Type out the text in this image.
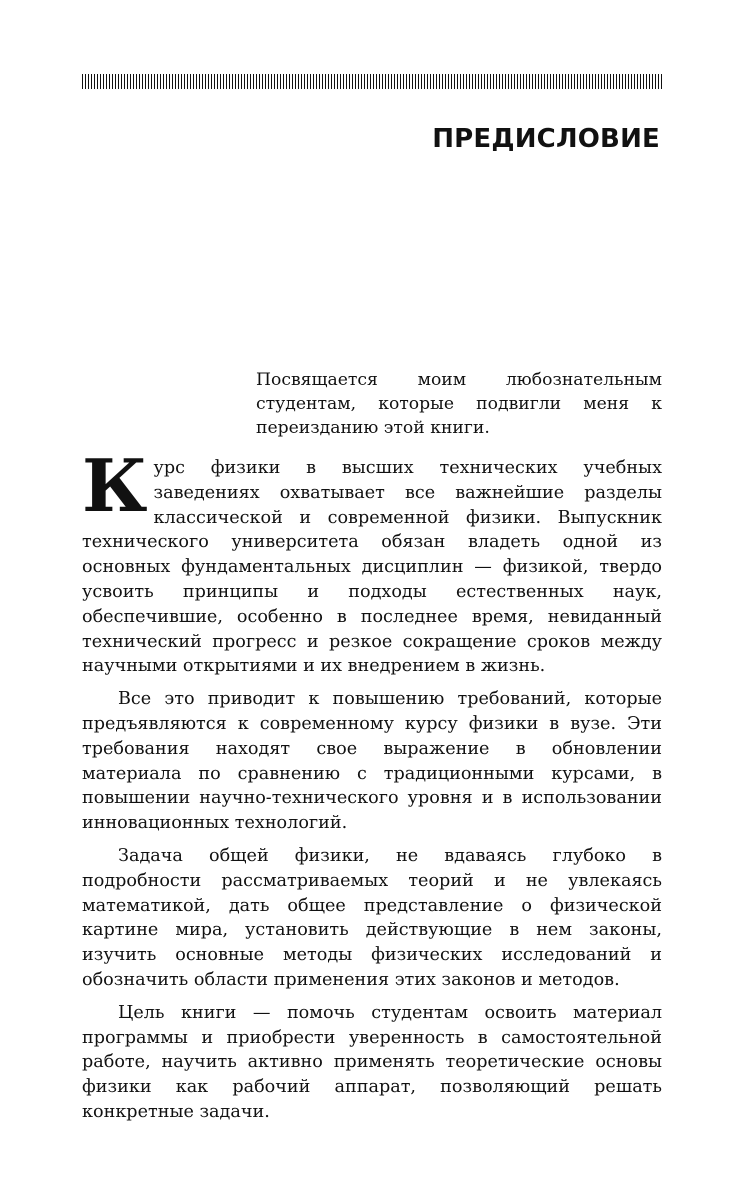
ПРЕДИСЛОВИЕ

Посвящается моим любознательным студентам, которые подвигли меня к переизданию этой книги.

Курс физики в высших технических учебных заведениях охватывает все важнейшие разделы классической и современной физики. Выпускник технического университета обязан владеть одной из основных фундаментальных дисциплин — физикой, твердо усвоить принципы и подходы естественных наук, обеспечившие, особенно в последнее время, невиданный технический прогресс и резкое сокращение сроков между научными открытиями и их внедрением в жизнь.

Все это приводит к повышению требований, которые предъявляются к современному курсу физики в вузе. Эти требования находят свое выражение в обновлении материала по сравнению с традиционными курсами, в повышении научно-технического уровня и в использовании инновационных технологий.

Задача общей физики, не вдаваясь глубоко в подробности рассматриваемых теорий и не увлекаясь математикой, дать общее представление о физической картине мира, установить действующие в нем законы, изучить основные методы физических исследований и обозначить области применения этих законов и методов.

Цель книги — помочь студентам освоить материал программы и приобрести уверенность в самостоятельной работе, научить активно применять теоретические основы физики как рабочий аппарат, позволяющий решать конкретные задачи.
